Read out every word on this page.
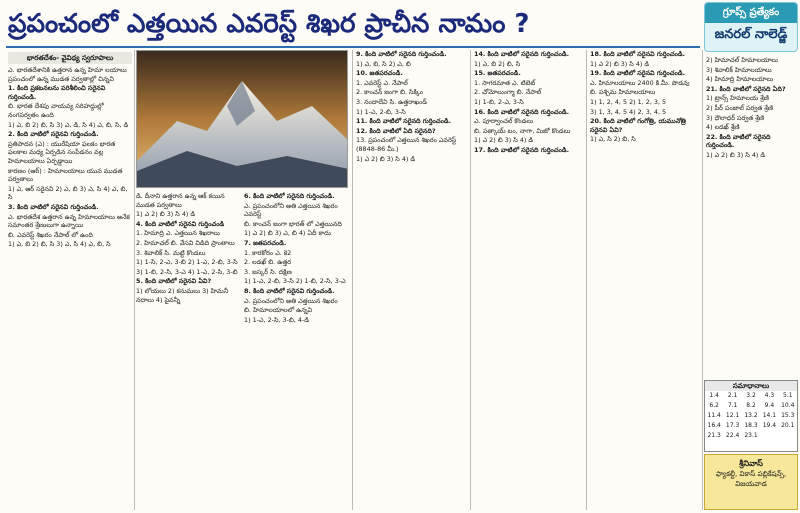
ప్రపంచంలో ఎత్తయిన ఎవరెస్ట్ శిఖర ప్రాచీన నామం ?	గ్రూప్స్ ప్రత్యేకం
జనరల్ నాలెడ్జ్
భారతదేశం- వైవిధ్య స్వరూపాలు

ఎ. భారతదేశానికి ఉత్తరాన ఉన్న హిమా లయాలు ప్రపంచంలో ఉన్న ముడత పర్వతాల్లో చిన్నవి

1. కింది ప్రకటనలను పరిశీలించి సరైనవి గుర్తించండి.

బి. భారత దేశపు వాయవ్య సరిహద్దుల్లో నంగపర్వతం ఉంది

1) ఎ, బి 2) బి, సి 3) ఎ, డి, సి 4) ఎ, బి, సి, డి

2. కింది వాటిలో సరైనవి గుర్తించండి.

ప్రతిపాదన (ఎ) : యురేషియా ఫలకం భారత ఫలకాల మధ్య ఏర్పడిన సంపీడనం వల్ల హిమాలయాలు ఏర్పడ్డాయి

కారణం (ఆర్) : హిమాలయాలు యువ ముడత పర్వతాలు

1) ఎ, ఆర్ సరైనవి 2) ఎ, బి 3) ఎ, సి 4) ఎ, బి, సి

3. కింది వాటిలో సరైనవి గుర్తించండి.

ఎ. భారతదేశ ఉత్తరాన ఉన్న హిమాలయాలు అనేక సమాంతర శ్రేణులుగా ఉన్నాయి

బి. ఎవరెస్ట్ శిఖరం నేపాల్ లో ఉంది

1) ఎ, బి 2) బి, సి 3) ఎ, సి 4) ఎ, బి, సి

డి. దీనాని ఉత్తరాన ఉన్న ఆక్ కయిన ముడత పర్వతాలు

1) ఎ 2) బి 3) సి 4) డి

4. కింది వాటిలో సరైనవి గుర్తించండి

1. హిమాద్రి ఎ. ఎత్తయిన శిఖరాలు

2. హిమాచల్ బి. వేసవి విడిది ప్రాంతాలు

3. శివాలిక్ సి. మట్టి కొండలు

1) 1-సి, 2-ఎ, 3-బి 2) 1-ఎ, 2-బి, 3-సి

3) 1-బి, 2-సి, 3-ఎ 4) 1-ఎ, 2-సి, 3-బి

5. కింది వాటిలో సరైనవి ఏవి?

1) లోయలు 2) కనుమలు 3) హిమనీ నదాలు 4) పైవన్నీ

6. కింది వాటిలో సరైనది గుర్తించండి.

ఎ. ప్రపంచంలోని అతి ఎత్తయిన శిఖరం ఎవరెస్ట్

బి. కాంచన్ జంగా భారత్ లో ఎత్తయినది

1) ఎ 2) బి 3) ఎ, బి 4) ఏదీ కాదు

7. జతపరచండి.

1. కారకోరం ఎ. కె2

2. లడఖ్ బి. ఉత్తర

3. జస్కర్ సి. దక్షిణ

1) 1-ఎ, 2-బి, 3-సి 2) 1-బి, 2-సి, 3-ఎ

8. కింది వాటిలో సరైనవి గుర్తించండి.

ఎ. ప్రపంచంలోని అతి ఎత్తయిన శిఖరం

బి. హిమాలయాలలో ఉన్నవి

1) 1-ఎ, 2-సి, 3-బి, 4-డి

9. కింది వాటిలో సరైనది గుర్తించండి.

1) ఎ, బి, సి 2) ఎ, బి

10. జతపరచండి.

1. ఎవరెస్ట్ ఎ. నేపాల్

2. కాంచన్ జంగా బి. సిక్కిం

3. నందాదేవి సి. ఉత్తరాఖండ్

1) 1-ఎ, 2-బి, 3-సి

11. కింది వాటిలో సరైనది గుర్తించండి.

12. కింది వాటిలో ఏది సరైనది?

13. ప్రపంచంలో ఎత్తయిన శిఖరం ఎవరెస్ట్ (8848-86 మీ.)

1) ఎ 2) బి 3) సి 4) డి

14. కింది వాటిలో సరైనది గుర్తించండి.

1) ఎ, బి 2) బి, సి

15. జతపరచండి.

1. సాగరమాత ఎ. టిబెట్

2. చోమోలుంగ్మా బి. నేపాల్

1) 1-బి, 2-ఎ, 3-సి

16. కింది వాటిలో సరైనది గుర్తించండి.

ఎ. పూర్వాంచల్ కొండలు

బి. పత్కాయ్ బం, నాగా, మిజో కొండలు

1) ఎ 2) బి 3) సి 4) డి

17. కింది వాటిలో సరైనది గుర్తించండి.

18. కింది వాటిలో సరైనవి గుర్తించండి.

1) ఎ 2) బి 3) సి 4) డి

19. కింది వాటిలో సరైనవి గుర్తించండి.

ఎ. హిమాలయాలు 2400 కి.మీ. పొడవు

బి. పశ్చిమ హిమాలయాలు

1) 1, 2, 4, 5 2) 1, 2, 3, 5

3) 1, 3, 4, 5 4) 2, 3, 4, 5

20. కింది వాటిలో గంగోత్రి, యమునోత్రి సరైనవి ఏవి?

1) ఎ, సి 2) బి, సి

2) హిమాచల్ హిమాలయాలు

3) శివాలిక్ హిమాలయాలు

4) హిమాద్రి హిమాలయాలు

21. కింది వాటిలో సరైనది ఏది?

1) ట్రాన్స్ హిమాలయ శ్రేణి

2) పీర్ పంజాల్ పర్వత శ్రేణి

3) ధౌలాధర్ పర్వత శ్రేణి

4) లడఖ్ శ్రేణి

22. కింది వాటిలో సరైనది గుర్తించండి.

1) ఎ 2) బి 3) సి 4) డి

సమాధానాలు
1.4	2.1	3.2	4.3	5.1
6.2	7.1	8.2	9.4	10.4
11.4 12.1 13.2 14.1 15.3
16.4 17.3 18.3 19.4 20.1
21.3 22.4 23.1
శ్రీనివాస్
ఫ్యాకల్టీ, వికాస్ పబ్లికేషన్స్,
విజయవాడ
